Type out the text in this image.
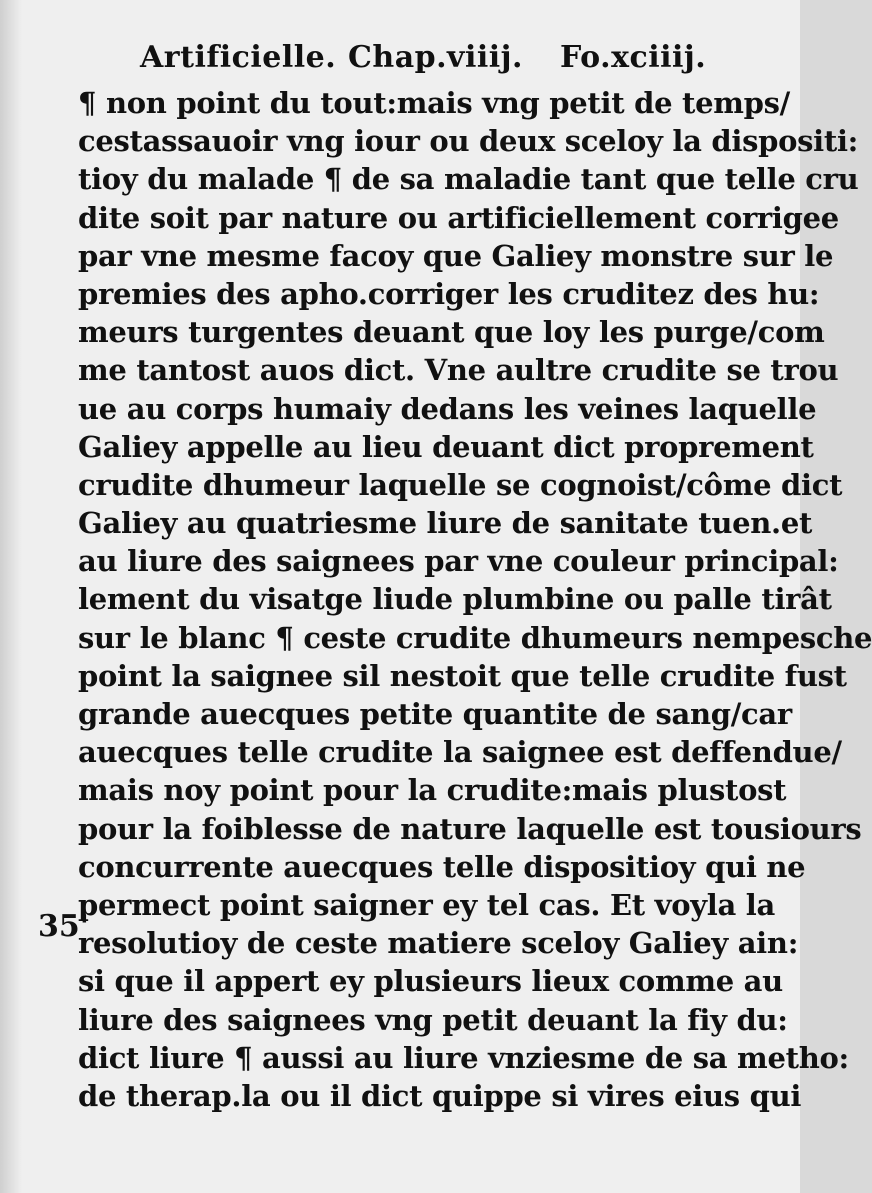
Artificielle. Chap.viiij. Fo.xciiij.
35'
¶ non point du tout:mais vng petit de temps/
cestassauoir vng iour ou deux sceloy la dispositi:
tioy du malade ¶ de sa maladie tant que telle cru
dite soit par nature ou artificiellement corrigee
par vne mesme facoy que Galiey monstre sur le
premies des apho.corriger les cruditez des hu:
meurs turgentes deuant que loy les purge/com
me tantost auos dict. Vne aultre crudite se trou
ue au corps humaiy dedans les veines laquelle
Galiey appelle au lieu deuant dict proprement
crudite dhumeur laquelle se cognoist/côme dict
Galiey au quatriesme liure de sanitate tuen.et
au liure des saignees par vne couleur principal:
lement du visatge liude plumbine ou palle tirât
sur le blanc ¶ ceste crudite dhumeurs nempesche
point la saignee sil nestoit que telle crudite fust
grande auecques petite quantite de sang/car
auecques telle crudite la saignee est deffendue/
mais noy point pour la crudite:mais plustost
pour la foiblesse de nature laquelle est tousiours
concurrente auecques telle dispositioy qui ne
permect point saigner ey tel cas. Et voyla la
resolutioy de ceste matiere sceloy Galiey ain:
si que il appert ey plusieurs lieux comme au
liure des saignees vng petit deuant la fiy du:
dict liure ¶ aussi au liure vnziesme de sa metho:
de therap.la ou il dict quippe si vires eius qui
